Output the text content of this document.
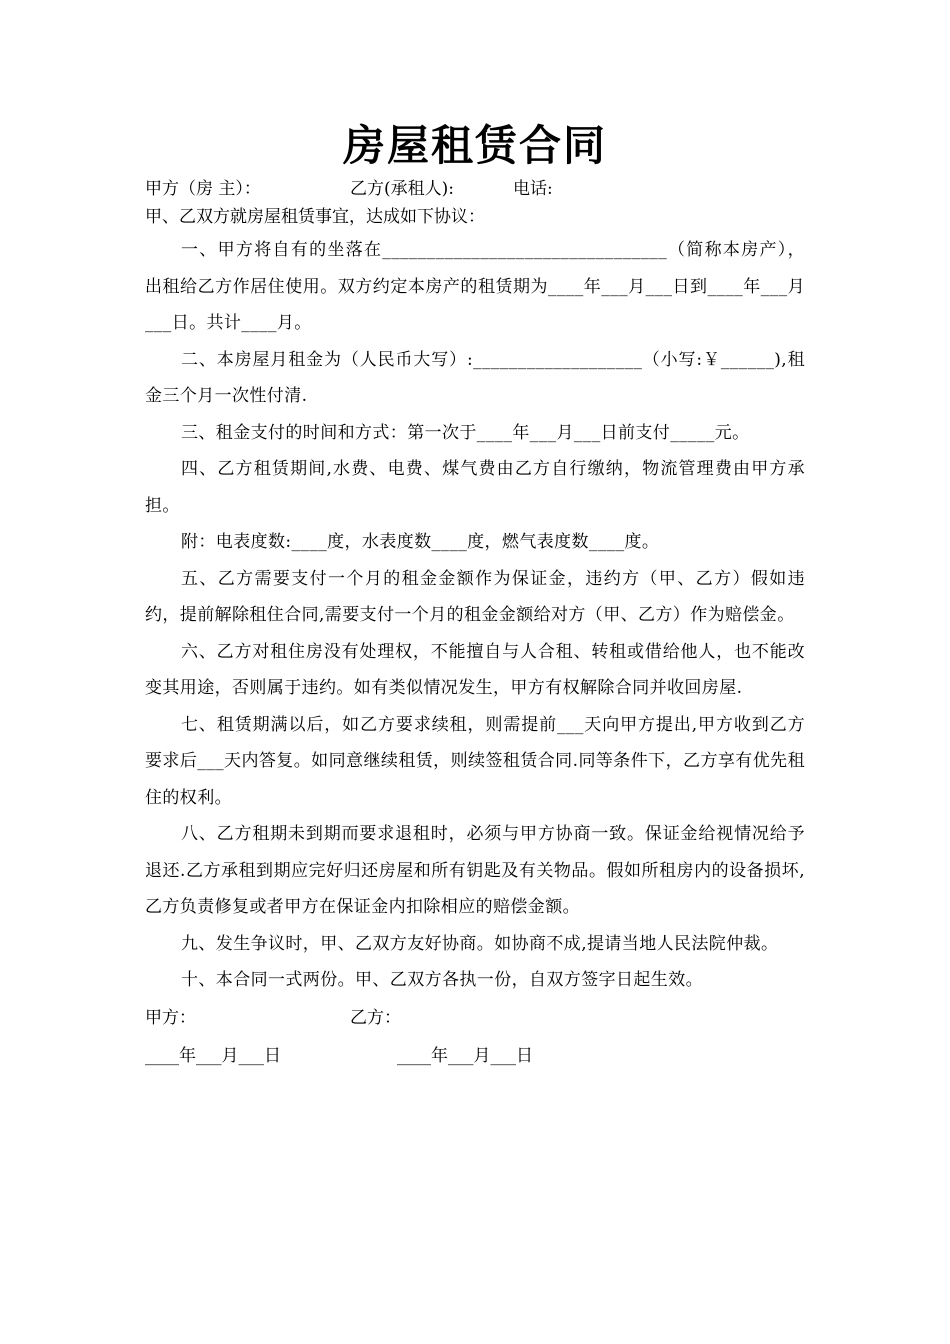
房屋租赁合同
甲方（房 主）：	乙方(承租人):	电话:
甲、乙双方就房屋租赁事宜，达成如下协议：

一、甲方将自有的坐落在________________________________（简称本房产），出租给乙方作居住使用。双方约定本房产的租赁期为____年___月___日到____年___月___日。共计____月。

二、本房屋月租金为（人民币大写）:___________________（小写:￥______),租金三个月一次性付清.

三、租金支付的时间和方式：第一次于____年___月___日前支付_____元。

四、乙方租赁期间,水费、电费、煤气费由乙方自行缴纳，物流管理费由甲方承担。

附：电表度数:____度，水表度数____度，燃气表度数____度。

五、乙方需要支付一个月的租金金额作为保证金，违约方（甲、乙方）假如违约，提前解除租住合同,需要支付一个月的租金金额给对方（甲、乙方）作为赔偿金。

六、乙方对租住房没有处理权，不能擅自与人合租、转租或借给他人，也不能改变其用途，否则属于违约。如有类似情况发生，甲方有权解除合同并收回房屋.

七、租赁期满以后，如乙方要求续租，则需提前___天向甲方提出,甲方收到乙方要求后___天内答复。如同意继续租赁，则续签租赁合同.同等条件下，乙方享有优先租住的权利。

八、乙方租期未到期而要求退租时，必须与甲方协商一致。保证金给视情况给予退还.乙方承租到期应完好归还房屋和所有钥匙及有关物品。假如所租房内的设备损坏,乙方负责修复或者甲方在保证金内扣除相应的赔偿金额。

九、发生争议时，甲、乙双方友好协商。如协商不成,提请当地人民法院仲裁。

十、本合同一式两份。甲、乙双方各执一份，自双方签字日起生效。

甲方：	乙方：
____年___月___日	____年___月___日
